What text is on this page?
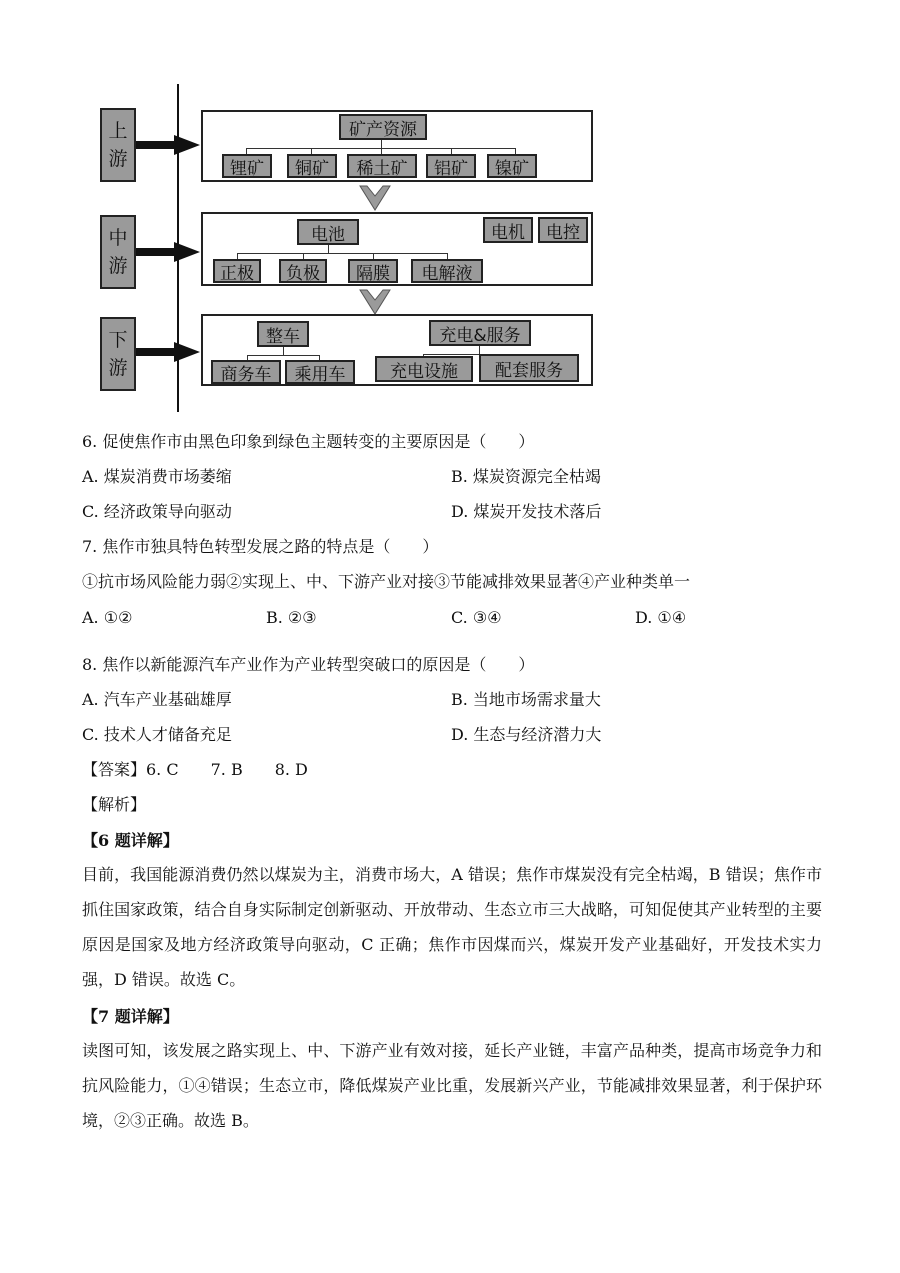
上
游
中
游
下
游
矿产资源
锂矿	铜矿	稀土矿	铝矿	镍矿
电池	电机	电控
正极	负极	隔膜	电解液
整车
商务车	乘用车
充电&服务
充电设施	配套服务
6. 促使焦作市由黑色印象到绿色主题转变的主要原因是（　　）
A. 煤炭消费市场萎缩	B. 煤炭资源完全枯竭
C. 经济政策导向驱动	D. 煤炭开发技术落后
7. 焦作市独具特色转型发展之路的特点是（　　）
①抗市场风险能力弱②实现上、中、下游产业对接③节能减排效果显著④产业种类单一
A. ①②	B. ②③	C. ③④	D. ①④
8. 焦作以新能源汽车产业作为产业转型突破口的原因是（　　）
A. 汽车产业基础雄厚	B. 当地市场需求量大
C. 技术人才储备充足	D. 生态与经济潜力大
【答案】6. C　　7. B　　8. D
【解析】
【6 题详解】
目前，我国能源消费仍然以煤炭为主，消费市场大，A 错误；焦作市煤炭没有完全枯竭，B 错误；焦作市抓住国家政策，结合自身实际制定创新驱动、开放带动、生态立市三大战略，可知促使其产业转型的主要原因是国家及地方经济政策导向驱动，C 正确；焦作市因煤而兴，煤炭开发产业基础好，开发技术实力强，D 错误。故选 C。
【7 题详解】
读图可知，该发展之路实现上、中、下游产业有效对接，延长产业链，丰富产品种类，提高市场竞争力和抗风险能力，①④错误；生态立市，降低煤炭产业比重，发展新兴产业，节能减排效果显著，利于保护环境，②③正确。故选 B。
